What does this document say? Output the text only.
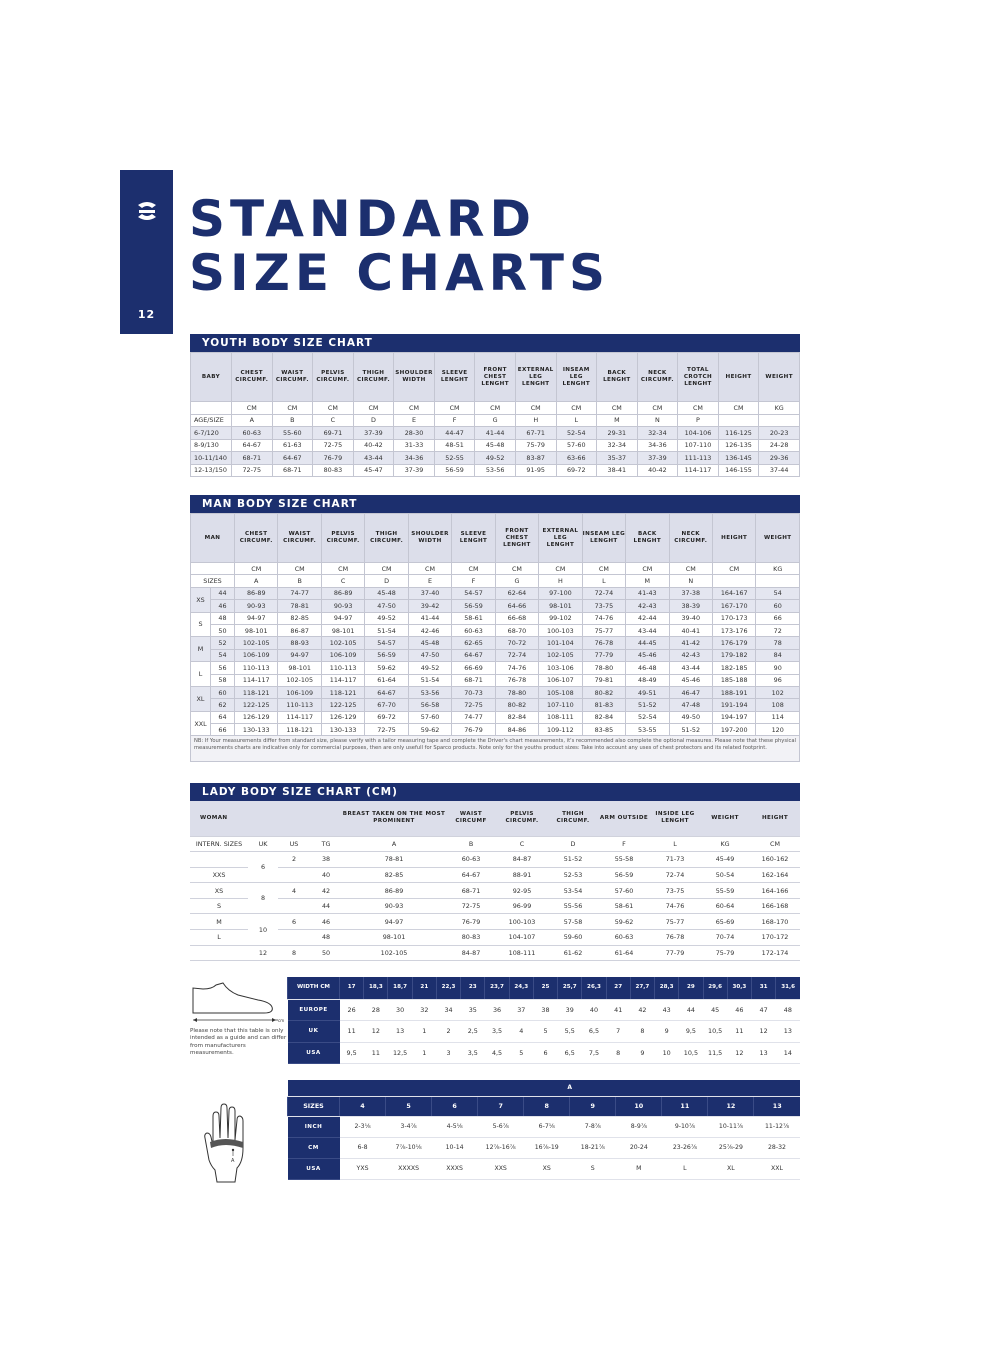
12
STANDARD
SIZE CHARTS
YOUTH BODY SIZE CHART
BABY	CHEST CIRCUMF.	WAIST CIRCUMF.	PELVIS CIRCUMF.	THIGH CIRCUMF.	SHOULDER WIDTH	SLEEVE LENGHT	FRONT CHEST LENGHT	EXTERNAL LEG LENGHT	INSEAM LEG LENGHT	BACK LENGHT	NECK CIRCUMF.	TOTAL CROTCH LENGHT	HEIGHT	WEIGHT
	CM	CM	CM	CM	CM	CM	CM	CM	CM	CM	CM	CM	CM	KG
AGE/SIZE	A	B	C	D	E	F	G	H	L	M	N	P		
6-7/120	60-63	55-60	69-71	37-39	28-30	44-47	41-44	67-71	52-54	29-31	32-34	104-106	116-125	20-23
8-9/130	64-67	61-63	72-75	40-42	31-33	48-51	45-48	75-79	57-60	32-34	34-36	107-110	126-135	24-28
10-11/140	68-71	64-67	76-79	43-44	34-36	52-55	49-52	83-87	63-66	35-37	37-39	111-113	136-145	29-36
12-13/150	72-75	68-71	80-83	45-47	37-39	56-59	53-56	91-95	69-72	38-41	40-42	114-117	146-155	37-44
MAN BODY SIZE CHART
MAN		CHEST CIRCUMF.	WAIST CIRCUMF.	PELVIS CIRCUMF.	THIGH CIRCUMF.	SHOULDER WIDTH	SLEEVE LENGHT	FRONT CHEST LENGHT	EXTERNAL LEG LENGHT	INSEAM LEG LENGHT	BACK LENGHT	NECK CIRCUMF.	HEIGHT	WEIGHT
		CM	CM	CM	CM	CM	CM	CM	CM	CM	CM	CM	CM	KG
SIZES		A	B	C	D	E	F	G	H	L	M	N		
XS	44	86-89	74-77	86-89	45-48	37-40	54-57	62-64	97-100	72-74	41-43	37-38	164-167	54
	46	90-93	78-81	90-93	47-50	39-42	56-59	64-66	98-101	73-75	42-43	38-39	167-170	60
S	48	94-97	82-85	94-97	49-52	41-44	58-61	66-68	99-102	74-76	42-44	39-40	170-173	66
	50	98-101	86-87	98-101	51-54	42-46	60-63	68-70	100-103	75-77	43-44	40-41	173-176	72
M	52	102-105	88-93	102-105	54-57	45-48	62-65	70-72	101-104	76-78	44-45	41-42	176-179	78
	54	106-109	94-97	106-109	56-59	47-50	64-67	72-74	102-105	77-79	45-46	42-43	179-182	84
L	56	110-113	98-101	110-113	59-62	49-52	66-69	74-76	103-106	78-80	46-48	43-44	182-185	90
	58	114-117	102-105	114-117	61-64	51-54	68-71	76-78	106-107	79-81	48-49	45-46	185-188	96
XL	60	118-121	106-109	118-121	64-67	53-56	70-73	78-80	105-108	80-82	49-51	46-47	188-191	102
	62	122-125	110-113	122-125	67-70	56-58	72-75	80-82	107-110	81-83	51-52	47-48	191-194	108
XXL	64	126-129	114-117	126-129	69-72	57-60	74-77	82-84	108-111	82-84	52-54	49-50	194-197	114
	66	130-133	118-121	130-133	72-75	59-62	76-79	84-86	109-112	83-85	53-55	51-52	197-200	120
NB: If Your measurements differ from standard size, please verify with a tailor measuring tape and complete the Driver's chart measurements, it's recommended also complete the optional measures. Please note that these physical measurements charts are indicative only for commercial purposes, then are only usefull for Sparco products. Note only for the youths product sizes: Take into account any uses of chest protectors and its related footprint.
LADY BODY SIZE CHART (CM)
WOMAN				BREAST TAKEN ON THE MOST PROMINENT	WAIST CIRCUMF	PELVIS CIRCUMF.	THIGH CIRCUMF.	ARM OUTSIDE	INSIDE LEG LENGHT	WEIGHT	HEIGHT
INTERN. SIZES	UK	US	TG	A	B	C	D	F	L	KG	CM
	6	2	38	78-81	60-63	84-87	51-52	55-58	71-73	45-49	160-162
XXS			40	82-85	64-67	88-91	52-53	56-59	72-74	50-54	162-164
XS	8	4	42	86-89	68-71	92-95	53-54	57-60	73-75	55-59	164-166
S			44	90-93	72-75	96-99	55-56	58-61	74-76	60-64	166-168
M	10	6	46	94-97	76-79	100-103	57-58	59-62	75-77	65-69	168-170
L			48	98-101	80-83	104-107	59-60	60-63	76-78	70-74	170-172
	12	8	50	102-105	84-87	108-111	61-62	61-64	77-79	75-79	172-174
cm
Please note that this table is only intended as a guide and can differ from manufacturers measurements.
WIDTH CM	17	18,3	18,7	21	22,3	23	23,7	24,3	25	25,7	26,3	27	27,7	28,3	29	29,6	30,3	31	31,6
EUROPE	26	28	30	32	34	35	36	37	38	39	40	41	42	43	44	45	46	47	48
UK	11	12	13	1	2	2,5	3,5	4	5	5,5	6,5	7	8	9	9,5	10,5	11	12	13
USA	9,5	11	12,5	1	3	3,5	4,5	5	6	6,5	7,5	8	9	10	10,5	11,5	12	13	14
A
	A									
SIZES	4	5	6	7	8	9	10	11	12	13
INCH	2-3⅛	3-4⅞	4-5⅛	5-6⅞	6-7⅛	7-8⅞	8-9⅞	9-10⅞	10-11⅞	11-12⅞
CM	6-8	7⅞-10⅛	10-14	12⅞-16⅞	16⅞-19	18-21⅞	20-24	23-26⅞	25⅞-29	28-32
USA	YXS	XXXXS	XXXS	XXS	XS	S	M	L	XL	XXL
